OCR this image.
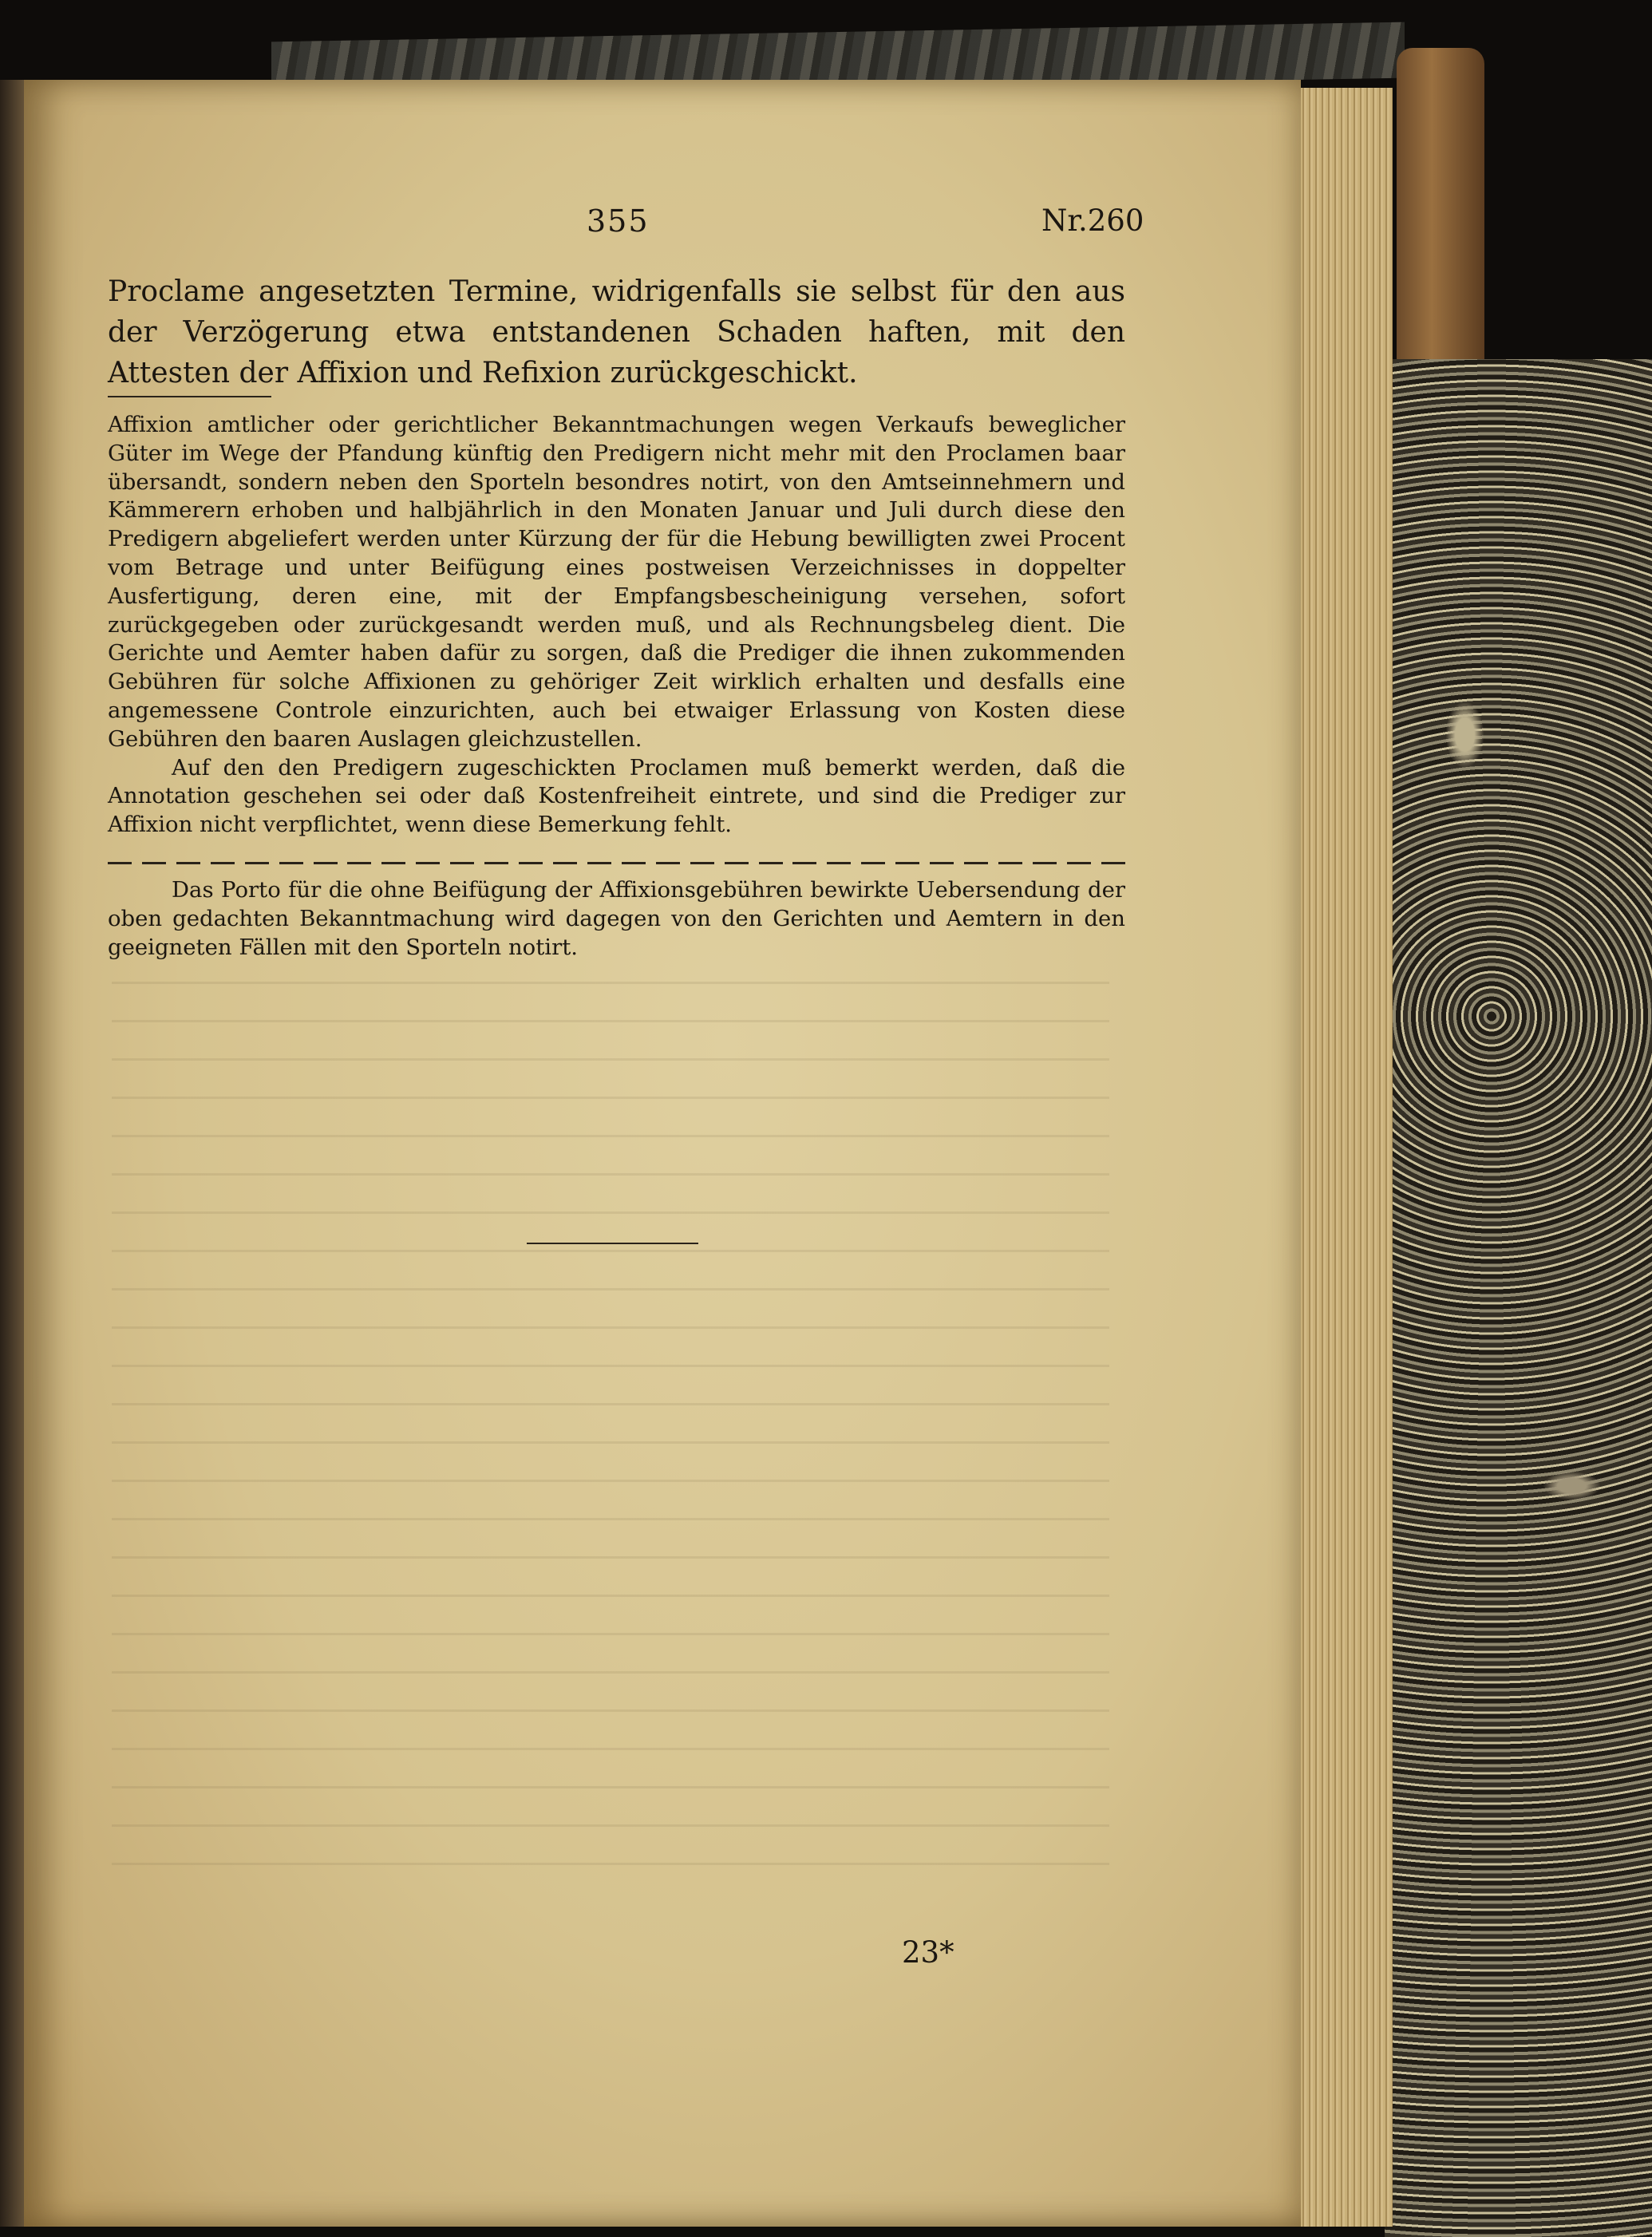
355	Nr.260
Proclame angesetzten Termine, widrigenfalls sie selbst für den aus der Verzögerung etwa entstandenen Schaden haften, mit den Attesten der Affixion und Refixion zurückgeschickt.

Affixion amtlicher oder gerichtlicher Bekanntmachungen wegen Verkaufs beweglicher Güter im Wege der Pfandung künftig den Predigern nicht mehr mit den Proclamen baar übersandt, sondern neben den Sporteln besondres notirt, von den Amtseinnehmern und Kämmerern erhoben und halbjährlich in den Monaten Januar und Juli durch diese den Predigern abgeliefert werden unter Kürzung der für die Hebung bewilligten zwei Procent vom Betrage und unter Beifügung eines postweisen Verzeichnisses in doppelter Ausfertigung, deren eine, mit der Empfangsbescheinigung versehen, sofort zurückgegeben oder zurückgesandt werden muß, und als Rechnungsbeleg dient. Die Gerichte und Aemter haben dafür zu sorgen, daß die Prediger die ihnen zukommenden Gebühren für solche Affixionen zu gehöriger Zeit wirklich erhalten und desfalls eine angemessene Controle einzurichten, auch bei etwaiger Erlassung von Kosten diese Gebühren den baaren Auslagen gleichzustellen.

Auf den den Predigern zugeschickten Proclamen muß bemerkt werden, daß die Annotation geschehen sei oder daß Kostenfreiheit eintrete, und sind die Prediger zur Affixion nicht verpflichtet, wenn diese Bemerkung fehlt.

Das Porto für die ohne Beifügung der Affixionsgebühren bewirkte Uebersendung der oben gedachten Bekanntmachung wird dagegen von den Gerichten und Aemtern in den geeigneten Fällen mit den Sporteln notirt.

23*
